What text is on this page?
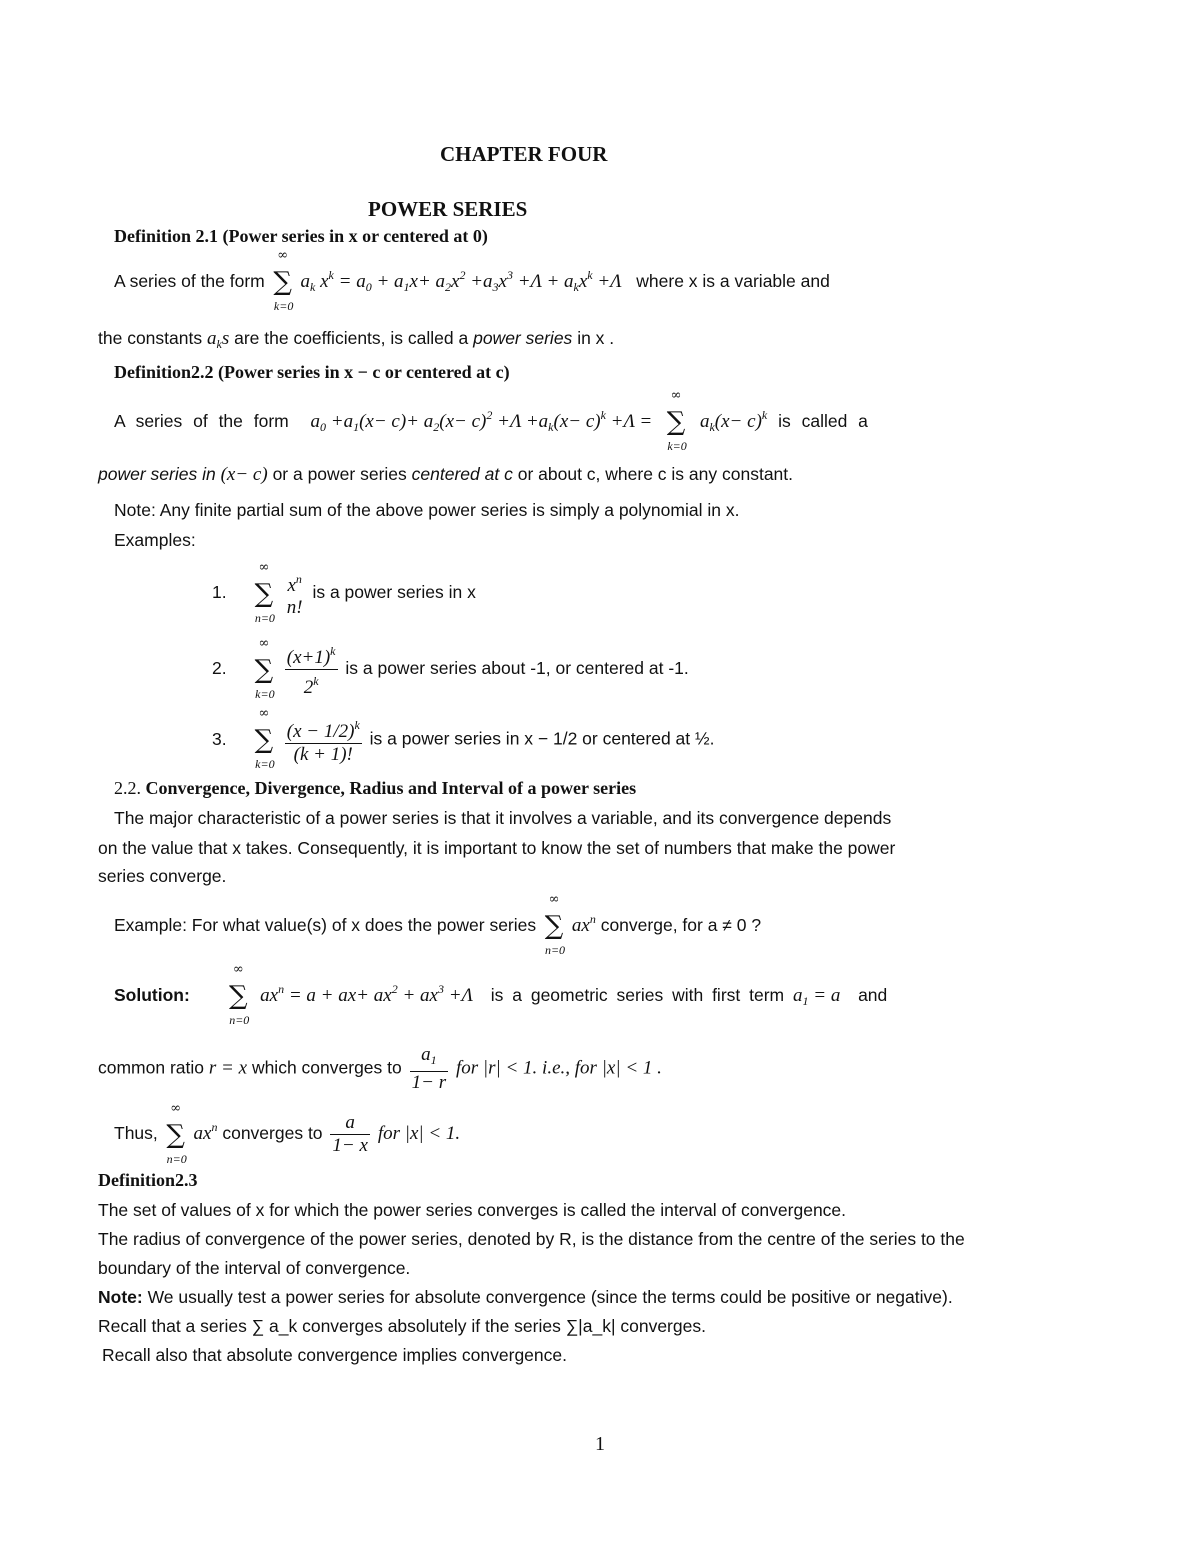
CHAPTER FOUR
POWER SERIES
Definition 2.1 (Power series in x or centered at 0)
A series of the form ∑
∞
k=0
$a_k$ $x^k = a_0 + a_1x+ a_2x^2 +a_3x^3 +\Lambda + a_kx^k +\Lambda$ where x is a variable and
the constants $a_ks$ are the coefficients, is called a power series in x .
Definition2.2 (Power series in x − c or centered at c)
A series of the form $a_0 +a_1(x- c)+ a_2(x- c)^2 +\Lambda +a_k(x- c)^k +\Lambda$ = ∑
∞
k=0
$a_k(x- c)^k$ is called a
power series in (x− c) or a power series centered at c or about c, where c is any constant.
Note: Any finite partial sum of the above power series is simply a polynomial in x.
Examples:
1. ∑
∞
n=0

$x^n$
n!
is a power series in x
2. ∑
∞
k=0
$\frac{(x+1)^k}{2^k}$ is a power series about -1, or centered at -1.
3. ∑
∞
k=0
$\frac{(x - 1/2)^k}{(k + 1)!}$ is a power series in x − 1/2 or centered at ½.
2.2. Convergence, Divergence, Radius and Interval of a power series
The major characteristic of a power series is that it involves a variable, and its convergence depends
on the value that x takes. Consequently, it is important to know the set of numbers that make the power
series converge.
Example: For what value(s) of x does the power series ∑
∞
n=0
$ax^n$ converge, for a ≠ 0 ?
Solution: ∑
∞
n=0
$ax^n = a + ax+ ax^2 + ax^3 +\Lambda$ is a geometric series with first term $a_1 = a$ and
common ratio r = x which converges to $\frac{a_1}{1- r}$ for |r| < 1. i.e., for |x| < 1 .
Thus, ∑
∞
n=0
$ax^n$ converges to $\frac{a}{1- x}$ for |x| < 1.
Definition2.3
The set of values of x for which the power series converges is called the interval of convergence.
The radius of convergence of the power series, denoted by R, is the distance from the centre of the series to the
boundary of the interval of convergence.
Note: We usually test a power series for absolute convergence (since the terms could be positive or negative).
Recall that a series ∑ a_k converges absolutely if the series ∑|a_k| converges.
Recall also that absolute convergence implies convergence.
1
